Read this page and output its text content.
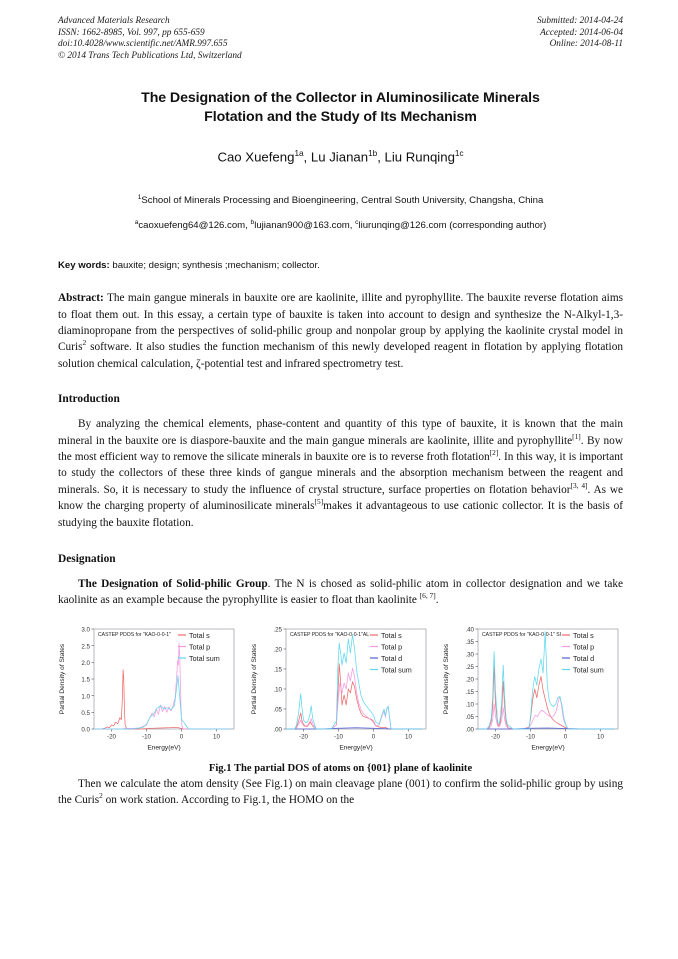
Advanced Materials Research
ISSN: 1662-8985, Vol. 997, pp 655-659
doi:10.4028/www.scientific.net/AMR.997.655
© 2014 Trans Tech Publications Ltd, Switzerland
Submitted: 2014-04-24
Accepted: 2014-06-04
Online: 2014-08-11
The Designation of the Collector in Aluminosilicate Minerals
Flotation and the Study of Its Mechanism
Cao Xuefeng$^{1a}$, Lu Jianan$^{1b}$, Liu Runqing$^{1c}$
$^1$School of Minerals Processing and Bioengineering, Central South University, Changsha, China
$^a$caoxuefeng64@126.com, $^b$lujianan900@163.com, $^c$liurunqing@126.com (corresponding author)
Key words: bauxite; design; synthesis ;mechanism; collector.
Abstract: The main gangue minerals in bauxite ore are kaolinite, illite and pyrophyllite. The bauxite reverse flotation aims to float them out. In this essay, a certain type of bauxite is taken into account to design and synthesize the N-Alkyl-1,3-diaminopropane from the perspectives of solid-philic group and nonpolar group by applying the kaolinite crystal model in Curis$^2$ software. It also studies the function mechanism of this newly developed reagent in flotation by applying flotation solution chemical calculation, ζ-potential test and infrared spectrometry test.
Introduction
By analyzing the chemical elements, phase-content and quantity of this type of bauxite, it is known that the main mineral in the bauxite ore is diaspore-bauxite and the main gangue minerals are kaolinite, illite and pyrophyllite[1]. By now the most efficient way to remove the silicate minerals in bauxite ore is to reverse froth flotation[2]. In this way, it is important to study the collectors of these three kinds of gangue minerals and the absorption mechanism between the reagent and minerals. So, it is necessary to study the influence of crystal structure, surface properties on flotation behavior[3, 4]. As we know the charging property of aluminosilicate minerals[5]makes it advantageous to use cationic collector. It is the basis of studying the bauxite flotation.
Designation
The Designation of Solid-philic Group. The N is chosed as solid-philic atom in collector designation and we take kaolinite as an example because the pyrophyllite is easier to float than kaolinite [6, 7].
0.0
0.5
1.0
1.5
2.0
2.5
3.0
-20	-10	0	10
Energy(eV)
Partial Density of States
CASTEP PDOS for "KAO-0-0-1"	Total s
Total p
Total sum
.00
.05
.10
.15
.20
.25
-20	-10	0	10
Energy(eV)
Partial Density of States
CASTEP PDOS for "KAO-0-0-1"AL Total s
Total p
Total d
Total sum
.00
.05
.10
.15
.20
.25
.30
.35
.40
-20	-10	0	10
Energy(eV)
Partial Density of States
CASTEP PDOS for "KAO-0-0-1" SI Total s
Total p
Total d
Total sum
Fig.1 The partial DOS of atoms on {001} plane of kaolinite
Then we calculate the atom density (See Fig.1) on main cleavage plane (001) to confirm the solid-philic group by using the Curis$^2$ on work station. According to Fig.1, the HOMO on the
